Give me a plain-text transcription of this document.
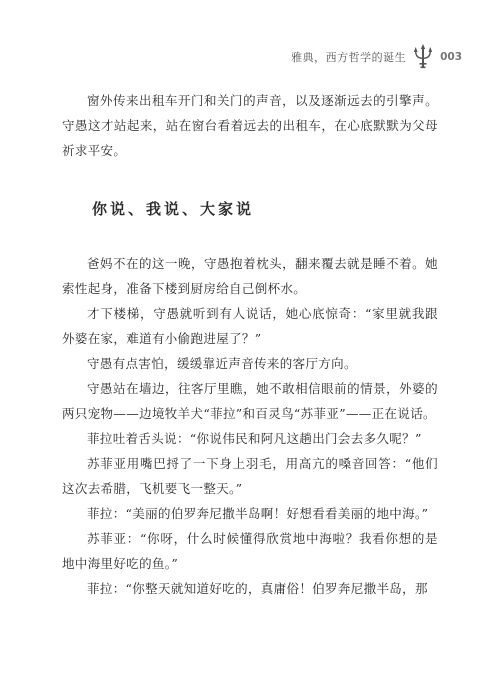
雅典，西方哲学的诞生	003

窗外传来出租车开门和关门的声音，以及逐渐远去的引擎声。守愚这才站起来，站在窗台看着远去的出租车，在心底默默为父母祈求平安。

你说、我说、大家说

爸妈不在的这一晚，守愚抱着枕头，翻来覆去就是睡不着。她索性起身，准备下楼到厨房给自己倒杯水。

才下楼梯，守愚就听到有人说话，她心底惊奇：“家里就我跟外婆在家，难道有小偷跑进屋了？”

守愚有点害怕，缓缓靠近声音传来的客厅方向。

守愚站在墙边，往客厅里瞧，她不敢相信眼前的情景，外婆的两只宠物——边境牧羊犬“菲拉”和百灵鸟“苏菲亚”——正在说话。

菲拉吐着舌头说：“你说伟民和阿凡这趟出门会去多久呢？”

苏菲亚用嘴巴捋了一下身上羽毛，用高亢的嗓音回答：“他们这次去希腊，飞机要飞一整天。”

菲拉：“美丽的伯罗奔尼撒半岛啊！好想看看美丽的地中海。”

苏菲亚：“你呀，什么时候懂得欣赏地中海啦？我看你想的是地中海里好吃的鱼。”

菲拉：“你整天就知道好吃的，真庸俗！伯罗奔尼撒半岛，那
